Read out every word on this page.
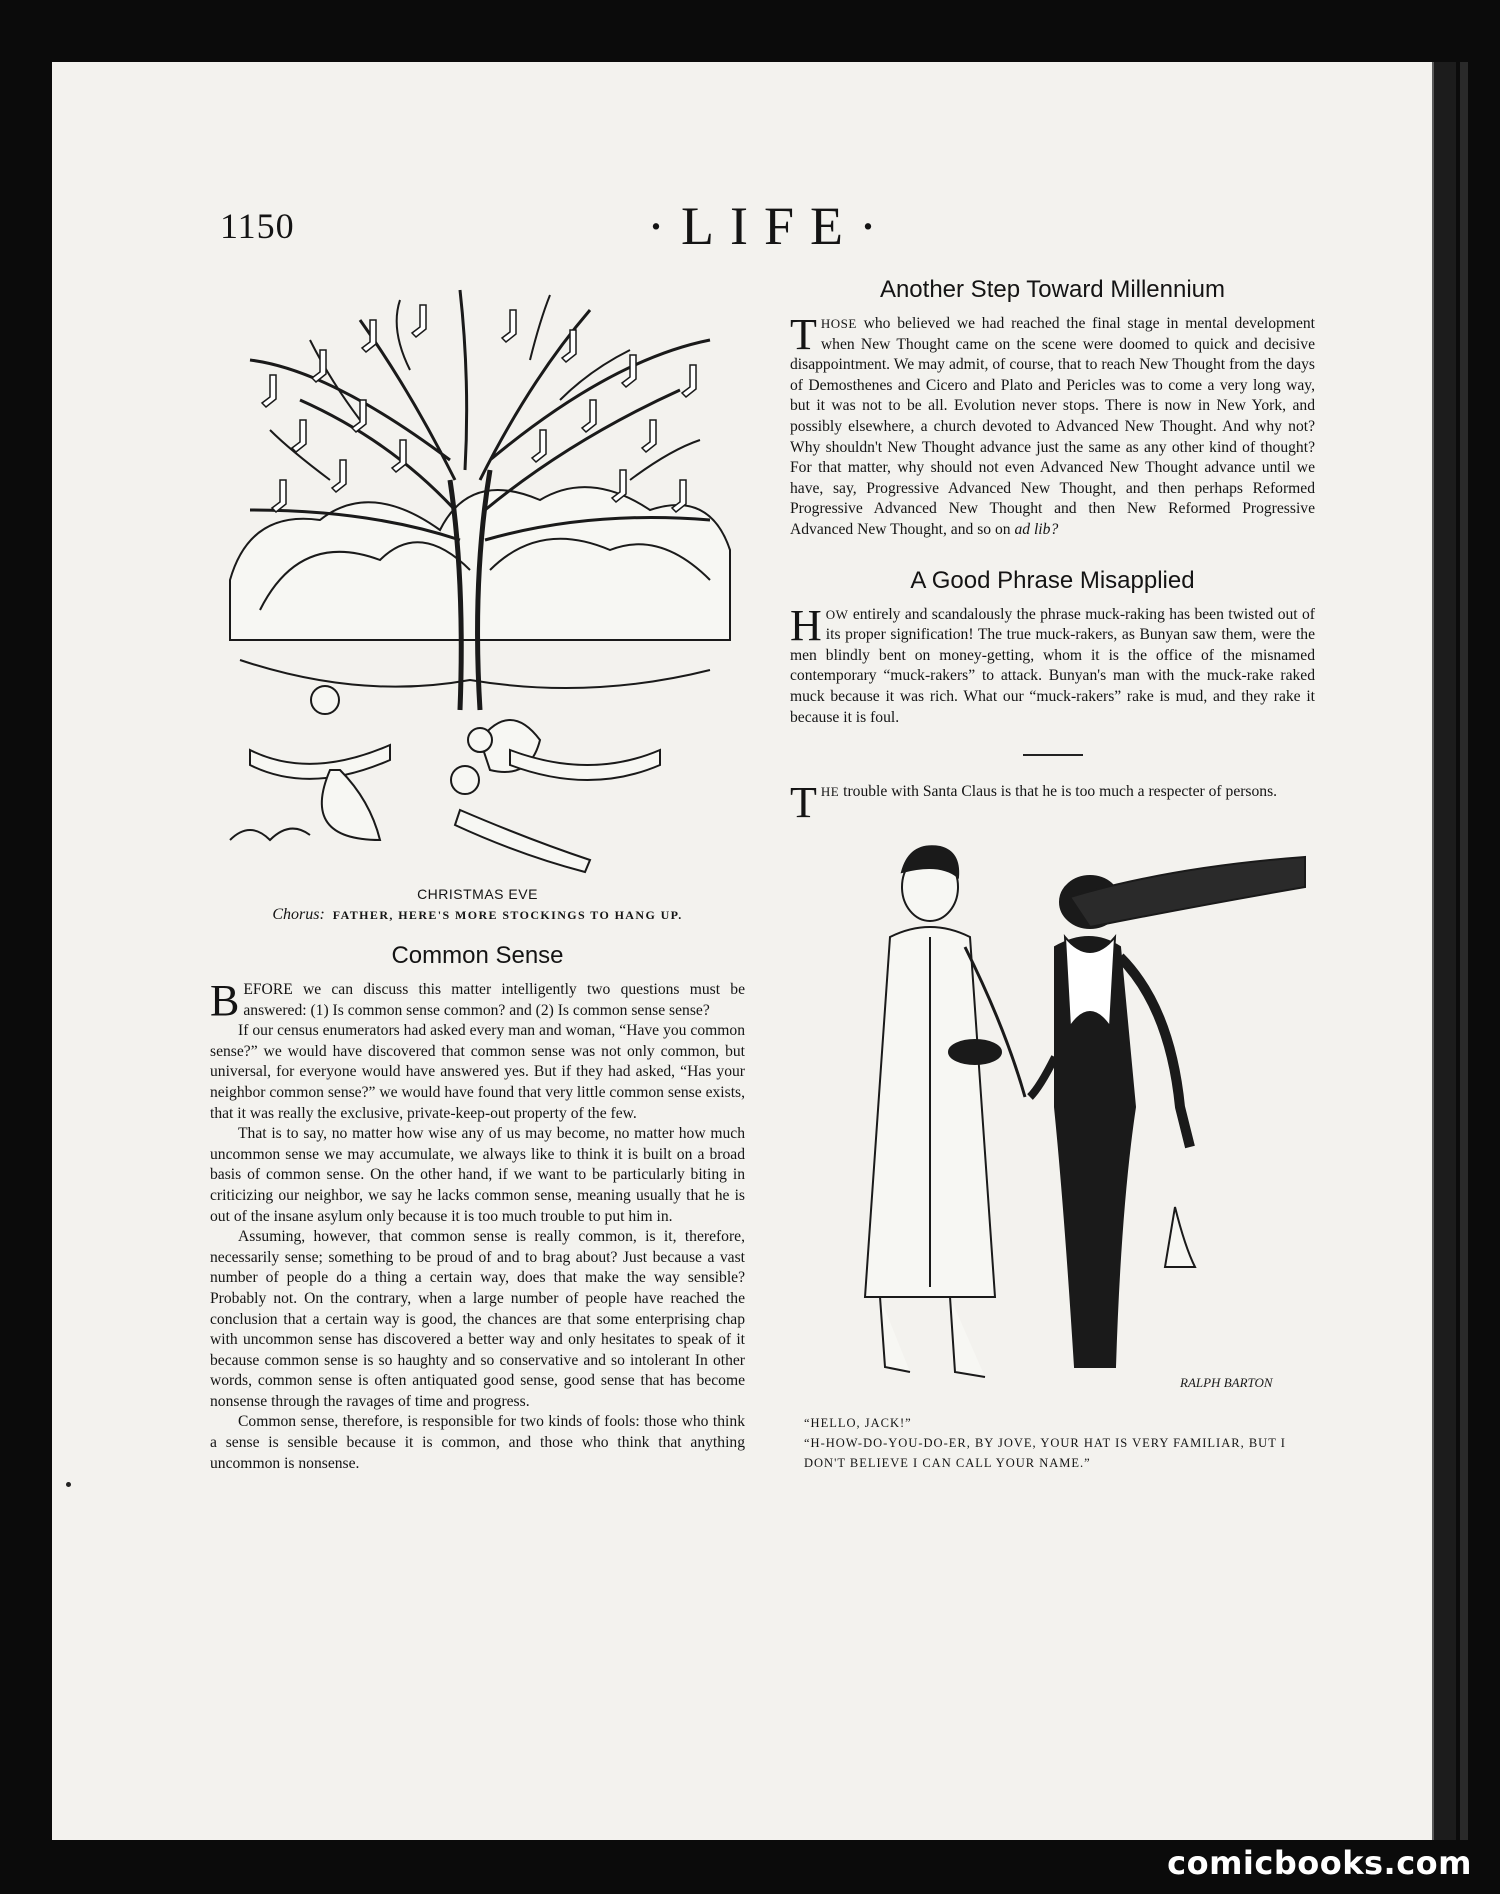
1150	·LIFE·
CHRISTMAS EVE
Chorus: FATHER, HERE'S MORE STOCKINGS TO HANG UP.
Common Sense

BEFORE we can discuss this matter intelligently two questions must be answered: (1) Is common sense common? and (2) Is common sense sense?

If our census enumerators had asked every man and woman, “Have you common sense?” we would have discovered that common sense was not only common, but universal, for everyone would have answered yes. But if they had asked, “Has your neighbor common sense?” we would have found that very little common sense exists, that it was really the exclusive, private-keep-out property of the few.

That is to say, no matter how wise any of us may become, no matter how much uncommon sense we may accumulate, we always like to think it is built on a broad basis of common sense. On the other hand, if we want to be particularly biting in criticizing our neighbor, we say he lacks common sense, meaning usually that he is out of the insane asylum only because it is too much trouble to put him in.

Assuming, however, that common sense is really common, is it, therefore, necessarily sense; something to be proud of and to brag about? Just because a vast number of people do a thing a certain way, does that make the way sensible? Probably not. On the contrary, when a large number of people have reached the conclusion that a certain way is good, the chances are that some enterprising chap with uncommon sense has discovered a better way and only hesitates to speak of it because common sense is so haughty and so conservative and so intolerant In other words, common sense is often antiquated good sense, good sense that has become nonsense through the ravages of time and progress.

Common sense, therefore, is responsible for two kinds of fools: those who think a sense is sensible because it is common, and those who think that anything uncommon is nonsense.

Another Step Toward Millennium

THOSE who believed we had reached the final stage in mental development when New Thought came on the scene were doomed to quick and decisive disappointment. We may admit, of course, that to reach New Thought from the days of Demosthenes and Cicero and Plato and Pericles was to come a very long way, but it was not to be all. Evolution never stops. There is now in New York, and possibly elsewhere, a church devoted to Advanced New Thought. And why not? Why shouldn't New Thought advance just the same as any other kind of thought? For that matter, why should not even Advanced New Thought advance until we have, say, Progressive Advanced New Thought, and then perhaps Reformed Progressive Advanced New Thought and then New Reformed Progressive Advanced New Thought, and so on ad lib?

A Good Phrase Misapplied

HOW entirely and scandalously the phrase muck-raking has been twisted out of its proper signification! The true muck-rakers, as Bunyan saw them, were the men blindly bent on money-getting, whom it is the office of the misnamed contemporary “muck-rakers” to attack. Bunyan's man with the muck-rake raked muck because it was rich. What our “muck-rakers” rake is mud, and they rake it because it is foul.

THE trouble with Santa Claus is that he is too much a respecter of persons.

RALPH BARTON
“HELLO, JACK!”
“H-HOW-DO-YOU-DO-ER, BY JOVE, YOUR HAT IS VERY FAMILIAR, BUT I DON'T BELIEVE I CAN CALL YOUR NAME.”
comicbooks.com
